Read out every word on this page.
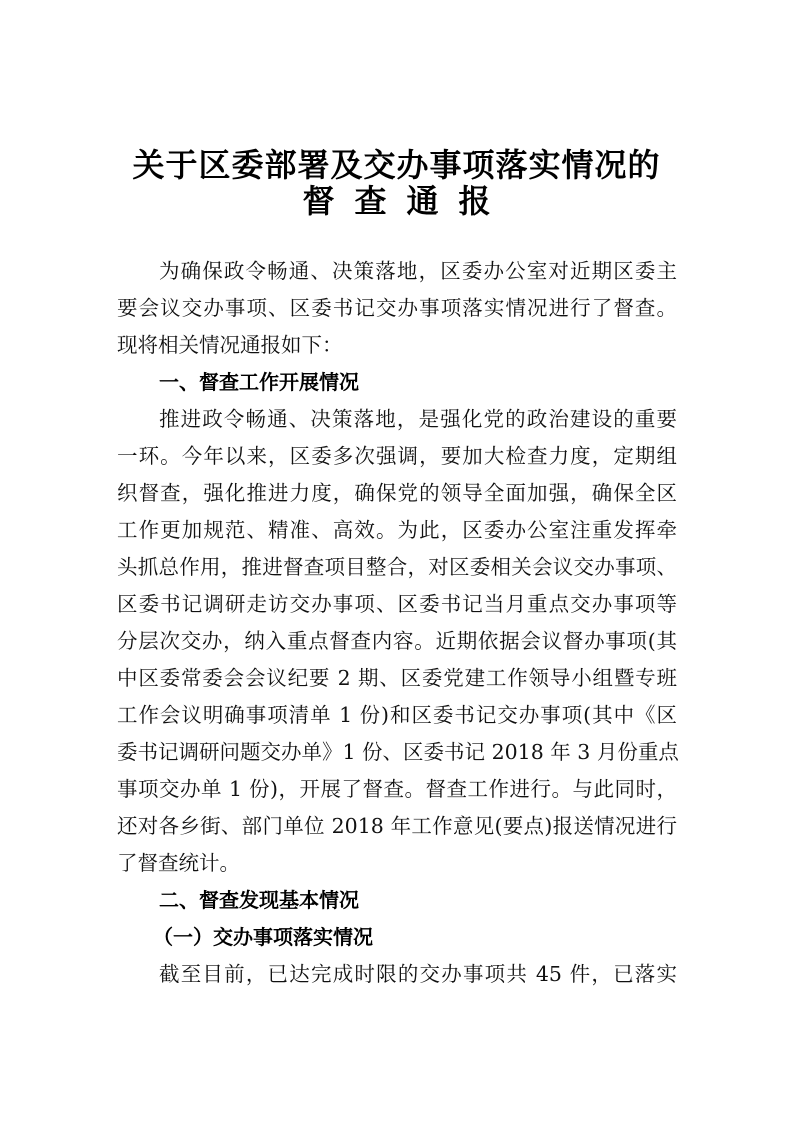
关于区委部署及交办事项落实情况的
督查通报
为确保政令畅通、决策落地，区委办公室对近期区委主
要会议交办事项、区委书记交办事项落实情况进行了督查。
现将相关情况通报如下：
一、督查工作开展情况
推进政令畅通、决策落地，是强化党的政治建设的重要
一环。今年以来，区委多次强调，要加大检查力度，定期组
织督查，强化推进力度，确保党的领导全面加强，确保全区
工作更加规范、精准、高效。为此，区委办公室注重发挥牵
头抓总作用，推进督查项目整合，对区委相关会议交办事项、
区委书记调研走访交办事项、区委书记当月重点交办事项等
分层次交办，纳入重点督查内容。近期依据会议督办事项(其
中区委常委会会议纪要 2 期、区委党建工作领导小组暨专班
工作会议明确事项清单 1 份)和区委书记交办事项(其中《区
委书记调研问题交办单》1 份、区委书记 2018 年 3 月份重点
事项交办单 1 份)，开展了督查。督查工作进行。与此同时，
还对各乡街、部门单位 2018 年工作意见(要点)报送情况进行
了督查统计。
二、督查发现基本情况
（一）交办事项落实情况
截至目前，已达完成时限的交办事项共 45 件，已落实
